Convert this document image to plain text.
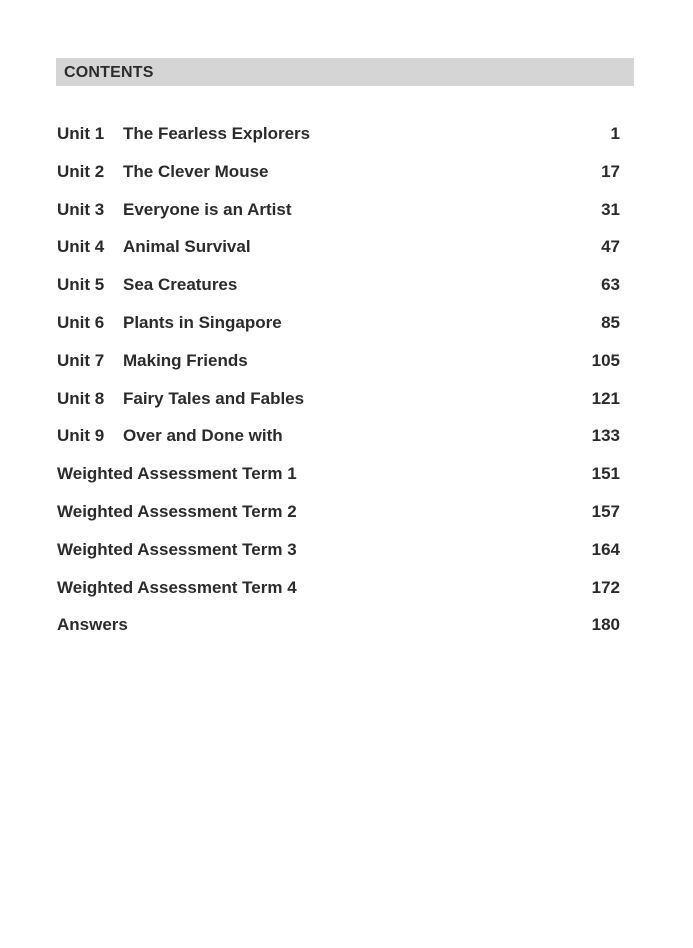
CONTENTS
Unit 1 The Fearless Explorers	1
Unit 2 The Clever Mouse	17
Unit 3 Everyone is an Artist	31
Unit 4 Animal Survival	47
Unit 5 Sea Creatures	63
Unit 6 Plants in Singapore	85
Unit 7 Making Friends	105
Unit 8 Fairy Tales and Fables	121
Unit 9 Over and Done with	133
Weighted Assessment Term 1	151
Weighted Assessment Term 2	157
Weighted Assessment Term 3	164
Weighted Assessment Term 4	172
Answers	180
